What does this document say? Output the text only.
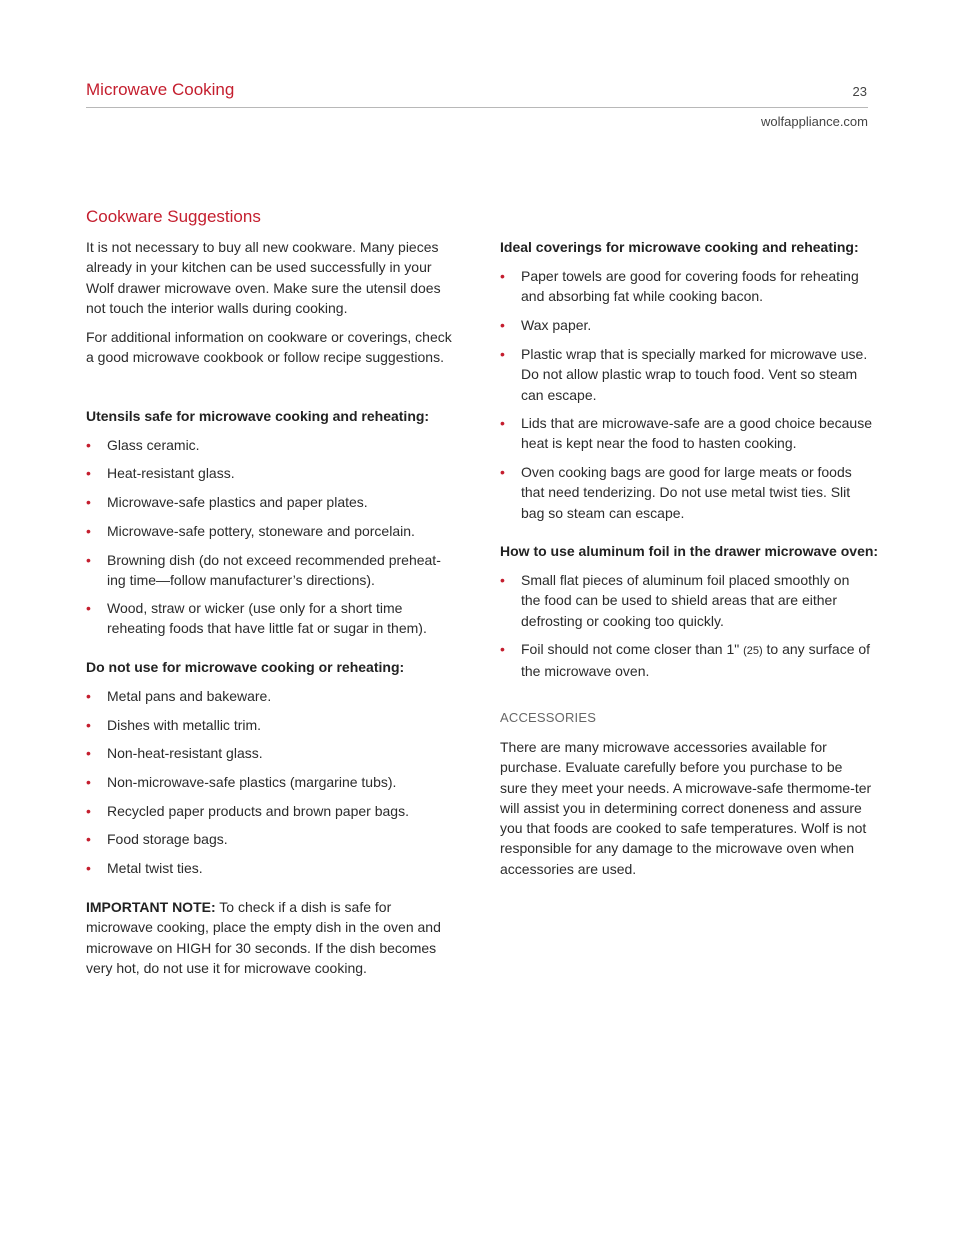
Microwave Cooking	23
wolfappliance.com
Cookware Suggestions

It is not necessary to buy all new cookware. Many pieces already in your kitchen can be used successfully in your Wolf drawer microwave oven. Make sure the utensil does not touch the interior walls during cooking.

For additional information on cookware or coverings, check a good microwave cookbook or follow recipe suggestions.

Utensils safe for microwave cooking and reheating:

• Glass ceramic.
• Heat-resistant glass.
• Microwave-safe plastics and paper plates.
• Microwave-safe pottery, stoneware and porcelain.
• Browning dish (do not exceed recommended preheat-ing time—follow manufacturer’s directions).
• Wood, straw or wicker (use only for a short time reheating foods that have little fat or sugar in them).

Do not use for microwave cooking or reheating:

• Metal pans and bakeware.
• Dishes with metallic trim.
• Non-heat-resistant glass.
• Non-microwave-safe plastics (margarine tubs).
• Recycled paper products and brown paper bags.
• Food storage bags.
• Metal twist ties.

IMPORTANT NOTE: To check if a dish is safe for microwave cooking, place the empty dish in the oven and microwave on HIGH for 30 seconds. If the dish becomes very hot, do not use it for microwave cooking.

Ideal coverings for microwave cooking and reheating:

• Paper towels are good for covering foods for reheating and absorbing fat while cooking bacon.
• Wax paper.
• Plastic wrap that is specially marked for microwave use. Do not allow plastic wrap to touch food. Vent so steam can escape.
• Lids that are microwave-safe are a good choice because heat is kept near the food to hasten cooking.
• Oven cooking bags are good for large meats or foods that need tenderizing. Do not use metal twist ties. Slit bag so steam can escape.

How to use aluminum foil in the drawer microwave oven:

• Small flat pieces of aluminum foil placed smoothly on the food can be used to shield areas that are either defrosting or cooking too quickly.
• Foil should not come closer than 1" (25) to any surface of the microwave oven.

ACCESSORIES

There are many microwave accessories available for purchase. Evaluate carefully before you purchase to be sure they meet your needs. A microwave-safe thermome-ter will assist you in determining correct doneness and assure you that foods are cooked to safe temperatures. Wolf is not responsible for any damage to the microwave oven when accessories are used.
